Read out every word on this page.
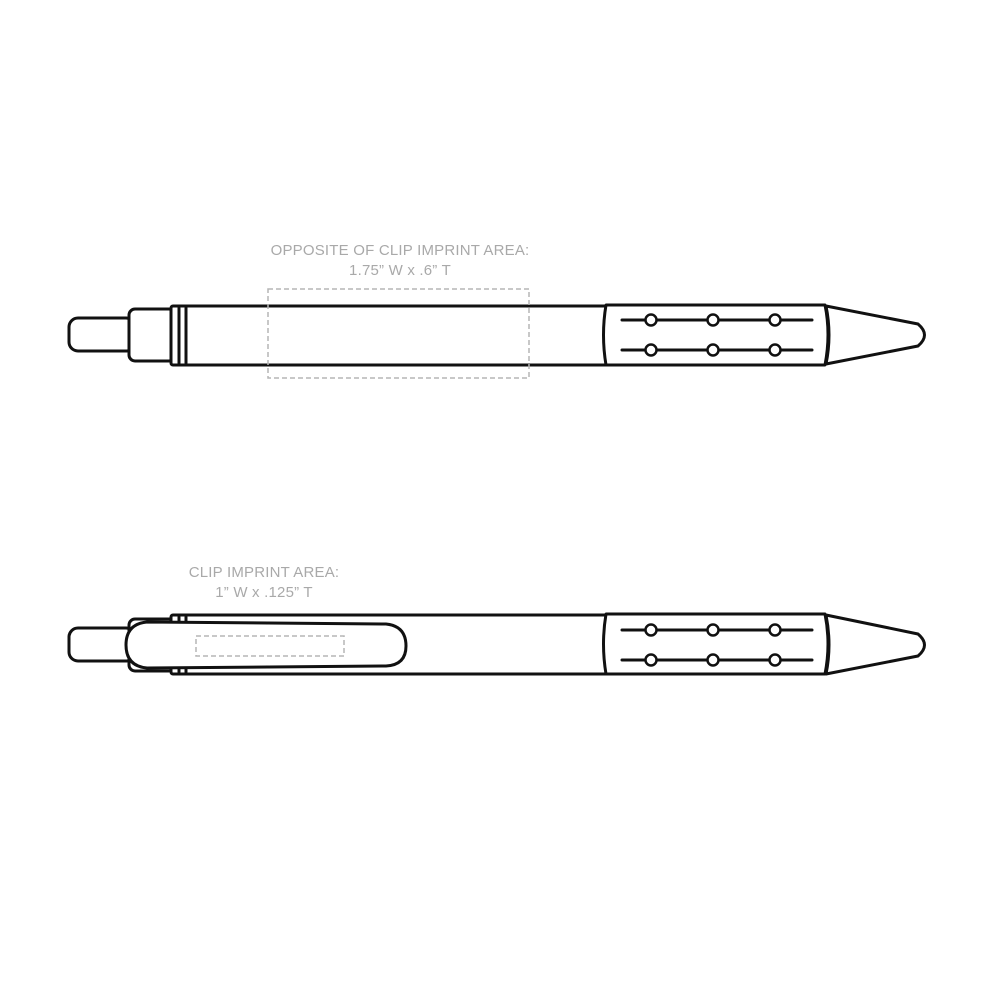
OPPOSITE OF CLIP IMPRINT AREA:
1.75” W x .6” T
CLIP IMPRINT AREA:
1” W x .125” T
